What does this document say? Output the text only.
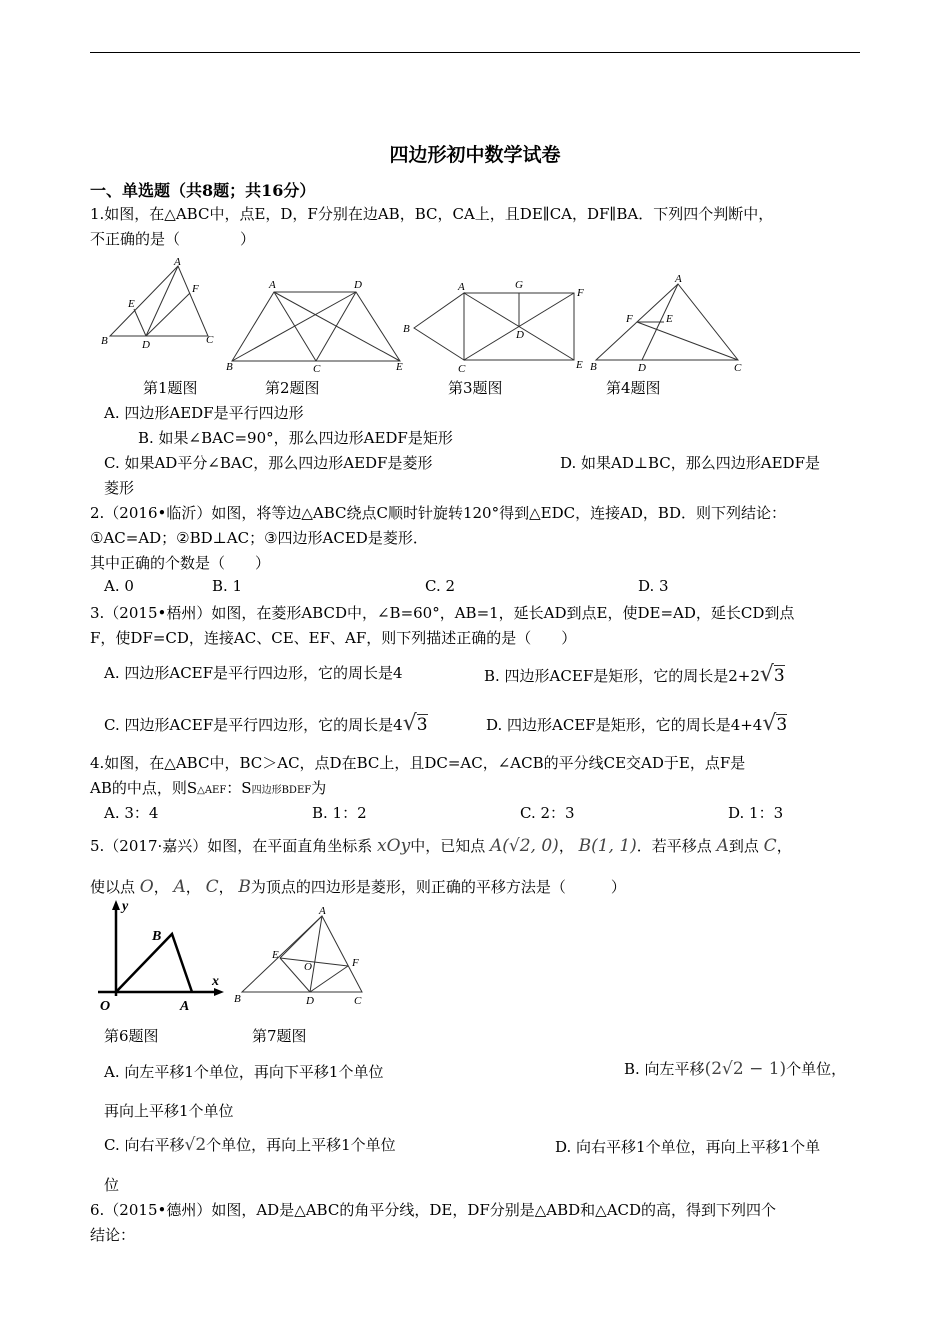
四边形初中数学试卷
一、单选题（共8题；共16分）
1.如图，在△ABC中，点E，D，F分别在边AB，BC，CA上，且DE∥CA，DF∥BA．下列四个判断中，
不正确的是（　　　　）
A
B	C
D
E
F	A
B	C
D
E
A
B
C
D
E
F
G	A
B	C
D
E
F
第1题图	第2题图	第3题图	第4题图
A. 四边形AEDF是平行四边形
B. 如果∠BAC=90°，那么四边形AEDF是矩形
C. 如果AD平分∠BAC，那么四边形AEDF是菱形	D. 如果AD⊥BC，那么四边形AEDF是
菱形
2.（2016•临沂）如图，将等边△ABC绕点C顺时针旋转120°得到△EDC，连接AD，BD．则下列结论：
①AC=AD；②BD⊥AC；③四边形ACED是菱形．
其中正确的个数是（　　）
A. 0	B. 1	C. 2	D. 3
3.（2015•梧州）如图，在菱形ABCD中，∠B=60°，AB=1，延长AD到点E，使DE=AD，延长CD到点
F，使DF=CD，连接AC、CE、EF、AF，则下列描述正确的是（　　）
A. 四边形ACEF是平行四边形，它的周长是4	B. 四边形ACEF是矩形，它的周长是2+2√3
C. 四边形ACEF是平行四边形，它的周长是4√3	D. 四边形ACEF是矩形，它的周长是4+4√3
4.如图，在△ABC中，BC＞AC，点D在BC上，且DC=AC，∠ACB的平分线CE交AD于E，点F是
AB的中点，则S△AEF：S四边形BDEF为
A. 3：4	B. 1：2	C. 2：3	D. 1：3
5.（2017·嘉兴）如图，在平面直角坐标系 xOy中，已知点 A(√2, 0)， B(1, 1)．若平移点 A到点 C，
使以点 O， A， C， B为顶点的四边形是菱形，则正确的平移方法是（　　　）
y
x
O	A
B
A
B	C
D
E
F
O
第6题图	第7题图
A. 向左平移1个单位，再向下平移1个单位	B. 向左平移(2√2 − 1)个单位，
再向上平移1个单位
C. 向右平移√2个单位，再向上平移1个单位	D. 向右平移1个单位，再向上平移1个单
位
6.（2015•德州）如图，AD是△ABC的角平分线，DE，DF分别是△ABD和△ACD的高，得到下列四个
结论：
